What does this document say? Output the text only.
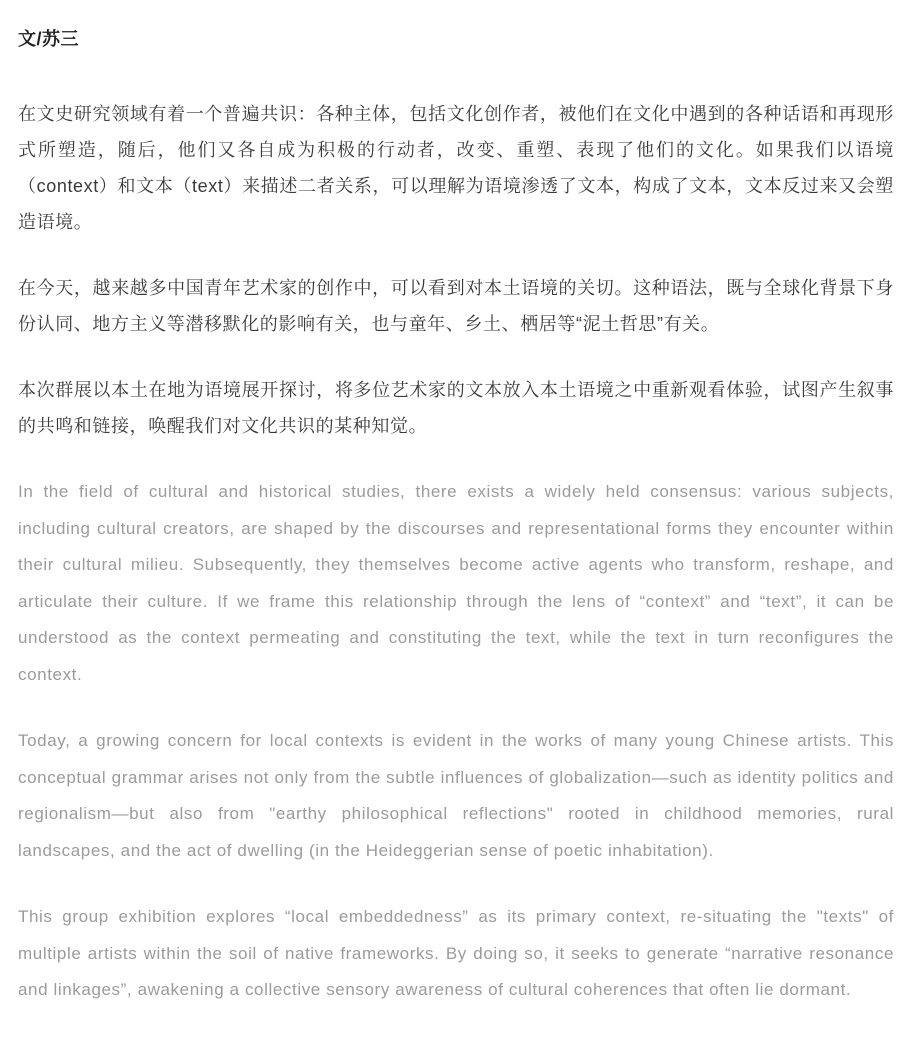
文/苏三

在文史研究领域有着一个普遍共识：各种主体，包括文化创作者，被他们在文化中遇到的各种话语和再现形式所塑造，随后，他们又各自成为积极的行动者，改变、重塑、表现了他们的文化。如果我们以语境（context）和文本（text）来描述二者关系，可以理解为语境渗透了文本，构成了文本，文本反过来又会塑造语境。

在今天，越来越多中国青年艺术家的创作中，可以看到对本土语境的关切。这种语法，既与全球化背景下身份认同、地方主义等潜移默化的影响有关，也与童年、乡土、栖居等“泥土哲思”有关。

本次群展以本土在地为语境展开探讨，将多位艺术家的文本放入本土语境之中重新观看体验，试图产生叙事的共鸣和链接，唤醒我们对文化共识的某种知觉。

In the field of cultural and historical studies, there exists a widely held consensus: various subjects, including cultural creators, are shaped by the discourses and representational forms they encounter within their cultural milieu. Subsequently, they themselves become active agents who transform, reshape, and articulate their culture. If we frame this relationship through the lens of “context” and “text”, it can be understood as the context permeating and constituting the text, while the text in turn reconfigures the context.

Today, a growing concern for local contexts is evident in the works of many young Chinese artists. This conceptual grammar arises not only from the subtle influences of globalization—such as identity politics and regionalism—but also from "earthy philosophical reflections" rooted in childhood memories, rural landscapes, and the act of dwelling (in the Heideggerian sense of poetic inhabitation).

This group exhibition explores “local embeddedness” as its primary context, re-situating the "texts" of multiple artists within the soil of native frameworks. By doing so, it seeks to generate “narrative resonance and linkages”, awakening a collective sensory awareness of cultural coherences that often lie dormant.
